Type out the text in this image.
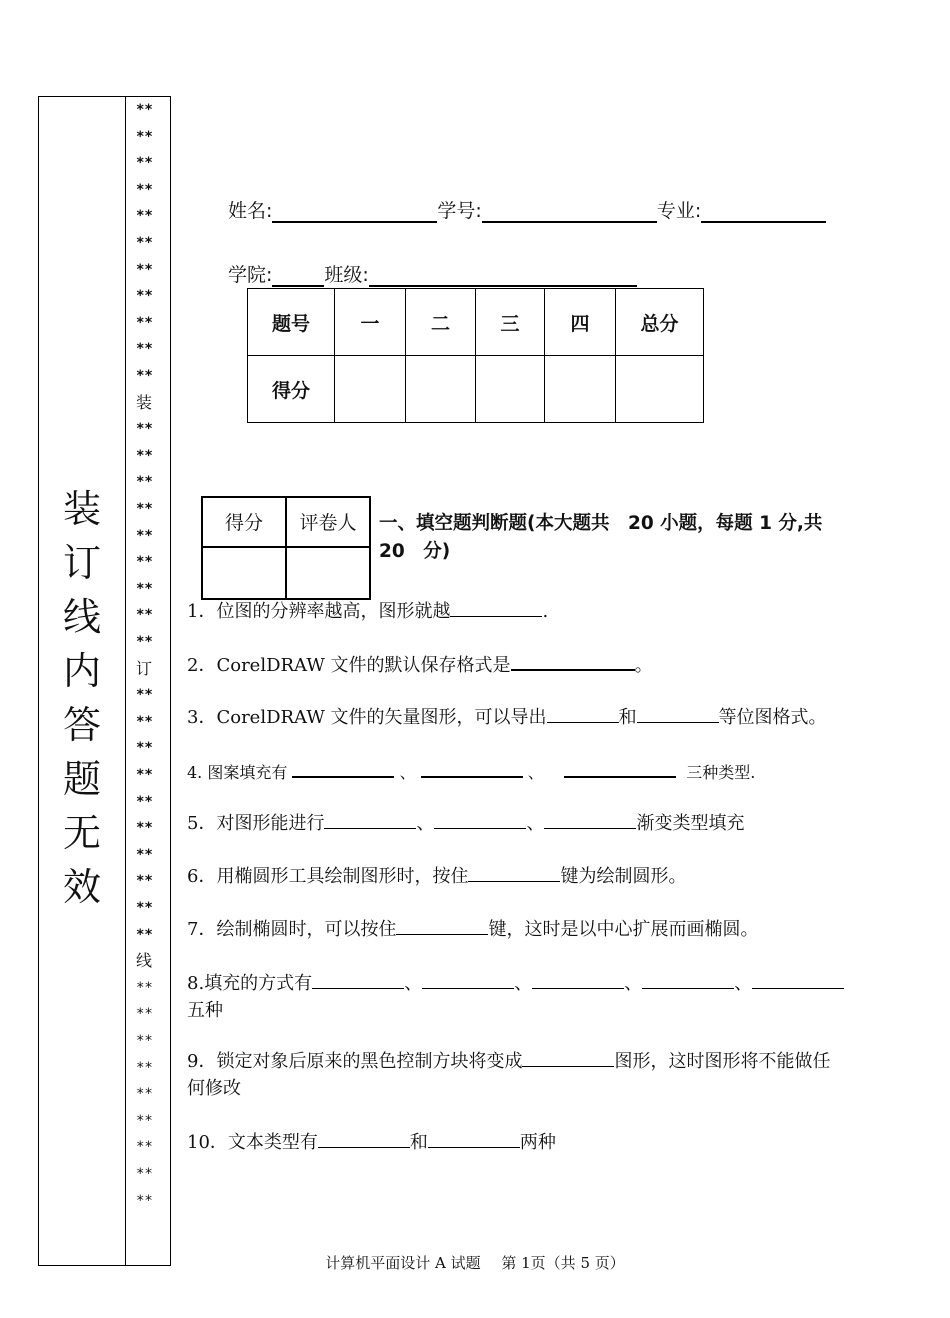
装
订
线
内
答
题
无
效
**
**
**
**
**
**
**
**
**
**
**
装
**
**
**
**
**
**
**
**
**
订
**
**
**
**
**
**
**
**
**
**
线
**
**
**
**
**
**
**
**
**
姓名:	学号:	专业:
学院:	班级:
题号	一	二	三	四	总分
得分					
得分	评卷人
	一、填空题判断题(本大题共　20 小题，每题 1 分,共　20　分)
1．位图的分辨率越高，图形就越	.
2．CorelDRAW 文件的默认保存格式是	。
3．CorelDRAW 文件的矢量图形，可以导出	和	等位图格式。
4. 图案填充有	、	、	三种类型.
5．对图形能进行	、	、	渐变类型填充
6．用椭圆形工具绘制图形时，按住	键为绘制圆形。
7．绘制椭圆时，可以按住	键，这时是以中心扩展而画椭圆。
8.填充的方式有	、	、	、	、
五种
9．锁定对象后原来的黑色控制方块将变成	图形，这时图形将不能做任何修改
10．文本类型有	和	两种
计算机平面设计 A 试题 第 1页（共 5 页）
